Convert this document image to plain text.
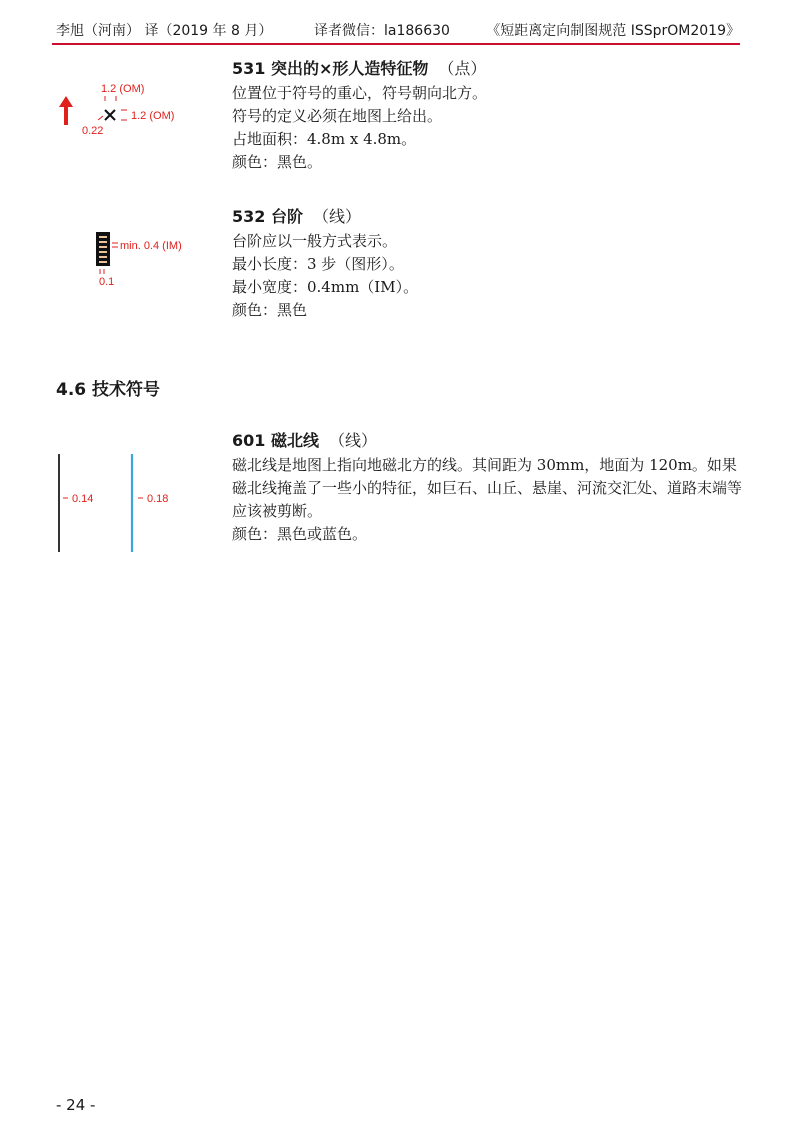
李旭（河南） 译（2019 年 8 月）	译者微信：la186630	《短距离定向制图规范 ISSprOM2019》
1.2 (OM)
1.2 (OM)
0.22
531 突出的×形人造特征物 （点）

位置位于符号的重心，符号朝向北方。

符号的定义必须在地图上给出。

占地面积：4.8m x 4.8m。

颜色：黑色。

min. 0.4 (IM)
0.1
532 台阶 （线）

台阶应以一般方式表示。

最小长度：3 步（图形）。

最小宽度：0.4mm（IM）。

颜色：黑色

4.6 技术符号
0.14	0.18
601 磁北线 （线）

磁北线是地图上指向地磁北方的线。其间距为 30mm，地面为 120m。如果磁北线掩盖了一些小的特征，如巨石、山丘、悬崖、河流交汇处、道路末端等应该被剪断。

颜色：黑色或蓝色。

- 24 -
